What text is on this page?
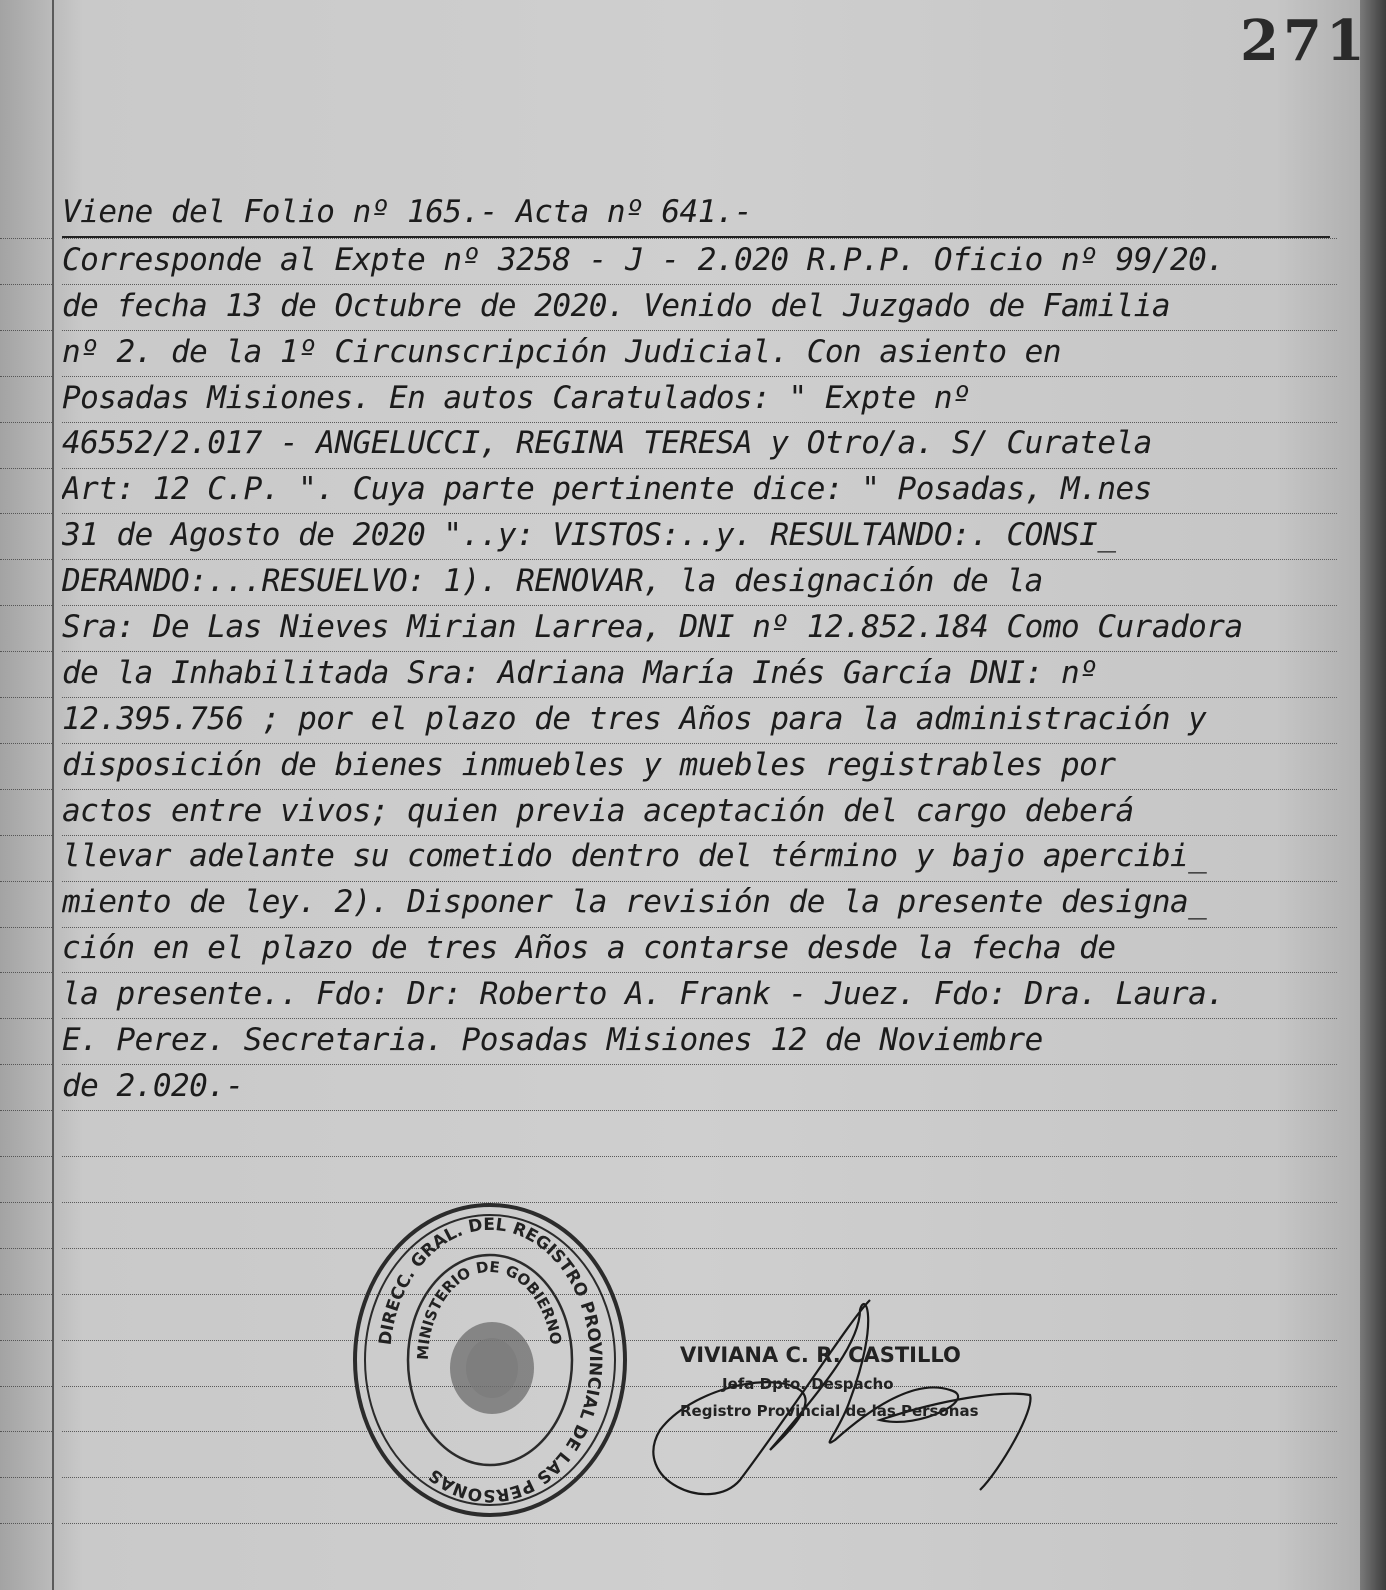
271
Viene del Folio nº 165.- Acta nº 641.-
Corresponde al Expte nº 3258 - J - 2.020 R.P.P. Oficio nº 99/20.
de fecha 13 de Octubre de 2020. Venido del Juzgado de Familia
nº 2. de la 1º Circunscripción Judicial. Con asiento en
Posadas Misiones. En autos Caratulados: " Expte nº
46552/2.017 - ANGELUCCI, REGINA TERESA y Otro/a. S/ Curatela
Art: 12 C.P. ". Cuya parte pertinente dice: " Posadas, M.nes
31 de Agosto de 2020 "..y: VISTOS:..y. RESULTANDO:. CONSI_
DERANDO:...RESUELVO: 1). RENOVAR, la designación de la
Sra: De Las Nieves Mirian Larrea, DNI nº 12.852.184 Como Curadora
de la Inhabilitada Sra: Adriana María Inés García DNI: nº
12.395.756 ; por el plazo de tres Años para la administración y
disposición de bienes inmuebles y muebles registrables por
actos entre vivos; quien previa aceptación del cargo deberá
llevar adelante su cometido dentro del término y bajo apercibi_
miento de ley. 2). Disponer la revisión de la presente designa_
ción en el plazo de tres Años a contarse desde la fecha de
la presente.. Fdo: Dr: Roberto A. Frank - Juez. Fdo: Dra. Laura.
E. Perez. Secretaria. Posadas Misiones 12 de Noviembre
de 2.020.-
DIRECC. GRAL. DEL REGISTRO PROVINCIAL DE LAS PERSONAS
MINISTERIO DE GOBIERNO
VIVIANA C. R. CASTILLO
Jefa Dpto. Despacho
Registro Provincial de las Personas
